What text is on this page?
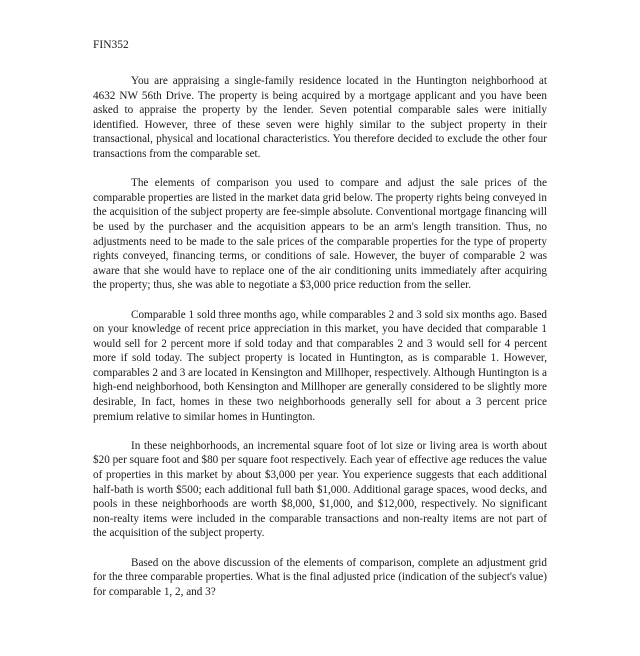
FIN352

You are appraising a single-family residence located in the Huntington neighborhood at 4632 NW 56th Drive. The property is being acquired by a mortgage applicant and you have been asked to appraise the property by the lender. Seven potential comparable sales were initially identified. However, three of these seven were highly similar to the subject property in their transactional, physical and locational characteristics. You therefore decided to exclude the other four transactions from the comparable set.

The elements of comparison you used to compare and adjust the sale prices of the comparable properties are listed in the market data grid below. The property rights being conveyed in the acquisition of the subject property are fee-simple absolute. Conventional mortgage financing will be used by the purchaser and the acquisition appears to be an arm's length transition. Thus, no adjustments need to be made to the sale prices of the comparable properties for the type of property rights conveyed, financing terms, or conditions of sale. However, the buyer of comparable 2 was aware that she would have to replace one of the air conditioning units immediately after acquiring the property; thus, she was able to negotiate a $3,000 price reduction from the seller.

Comparable 1 sold three months ago, while comparables 2 and 3 sold six months ago. Based on your knowledge of recent price appreciation in this market, you have decided that comparable 1 would sell for 2 percent more if sold today and that comparables 2 and 3 would sell for 4 percent more if sold today. The subject property is located in Huntington, as is comparable 1. However, comparables 2 and 3 are located in Kensington and Millhoper, respectively. Although Huntington is a high-end neighborhood, both Kensington and Millhoper are generally considered to be slightly more desirable, In fact, homes in these two neighborhoods generally sell for about a 3 percent price premium relative to similar homes in Huntington.

In these neighborhoods, an incremental square foot of lot size or living area is worth about $20 per square foot and $80 per square foot respectively. Each year of effective age reduces the value of properties in this market by about $3,000 per year. You experience suggests that each additional half-bath is worth $500; each additional full bath $1,000. Additional garage spaces, wood decks, and pools in these neighborhoods are worth $8,000, $1,000, and $12,000, respectively. No significant non-realty items were included in the comparable transactions and non-realty items are not part of the acquisition of the subject property.

Based on the above discussion of the elements of comparison, complete an adjustment grid for the three comparable properties. What is the final adjusted price (indication of the subject's value) for comparable 1, 2, and 3?
